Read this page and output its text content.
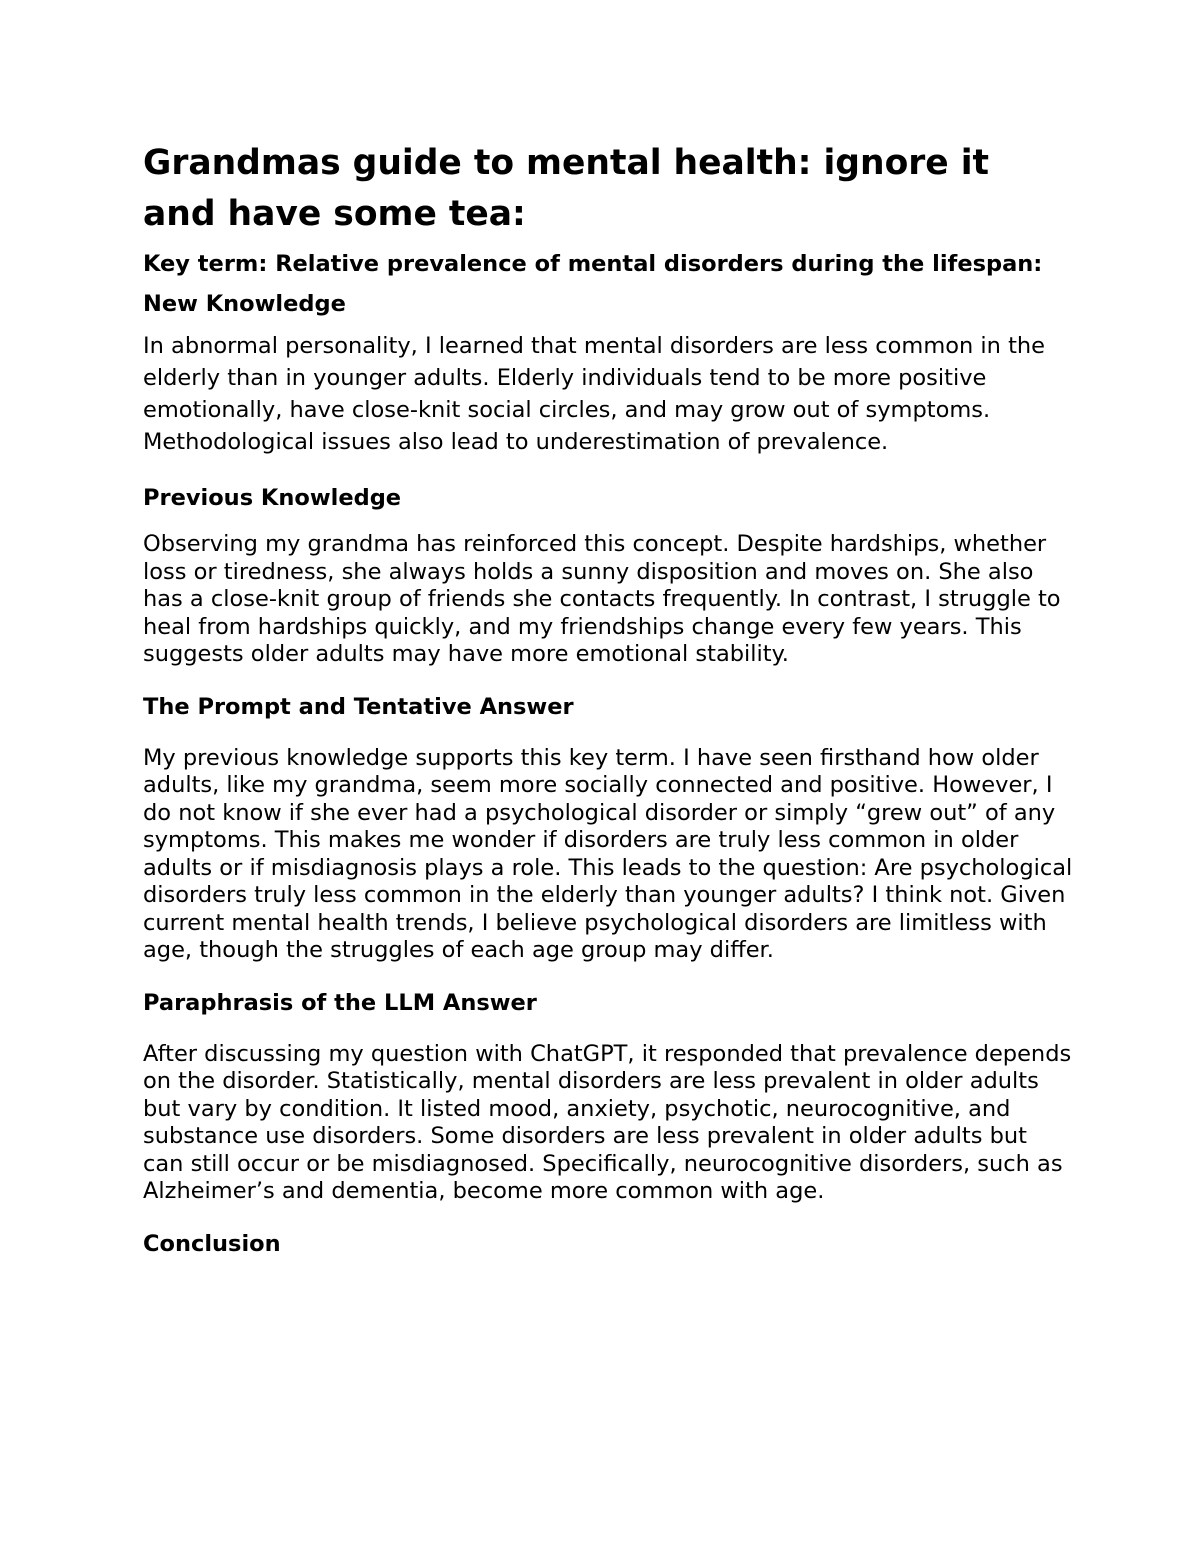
Grandmas guide to mental health: ignore it and have some tea:

Key term: Relative prevalence of mental disorders during the lifespan:

New Knowledge

In abnormal personality, I learned that mental disorders are less common in the elderly than in younger adults. Elderly individuals tend to be more positive emotionally, have close-knit social circles, and may grow out of symptoms. Methodological issues also lead to underestimation of prevalence.

Previous Knowledge

Observing my grandma has reinforced this concept. Despite hardships, whether loss or tiredness, she always holds a sunny disposition and moves on. She also has a close-knit group of friends she contacts frequently. In contrast, I struggle to heal from hardships quickly, and my friendships change every few years. This suggests older adults may have more emotional stability.

The Prompt and Tentative Answer

My previous knowledge supports this key term. I have seen firsthand how older adults, like my grandma, seem more socially connected and positive. However, I do not know if she ever had a psychological disorder or simply “grew out” of any symptoms. This makes me wonder if disorders are truly less common in older adults or if misdiagnosis plays a role. This leads to the question: Are psychological disorders truly less common in the elderly than younger adults? I think not. Given current mental health trends, I believe psychological disorders are limitless with age, though the struggles of each age group may differ.

Paraphrasis of the LLM Answer

After discussing my question with ChatGPT, it responded that prevalence depends on the disorder. Statistically, mental disorders are less prevalent in older adults but vary by condition. It listed mood, anxiety, psychotic, neurocognitive, and substance use disorders. Some disorders are less prevalent in older adults but can still occur or be misdiagnosed. Specifically, neurocognitive disorders, such as Alzheimer’s and dementia, become more common with age.

Conclusion
